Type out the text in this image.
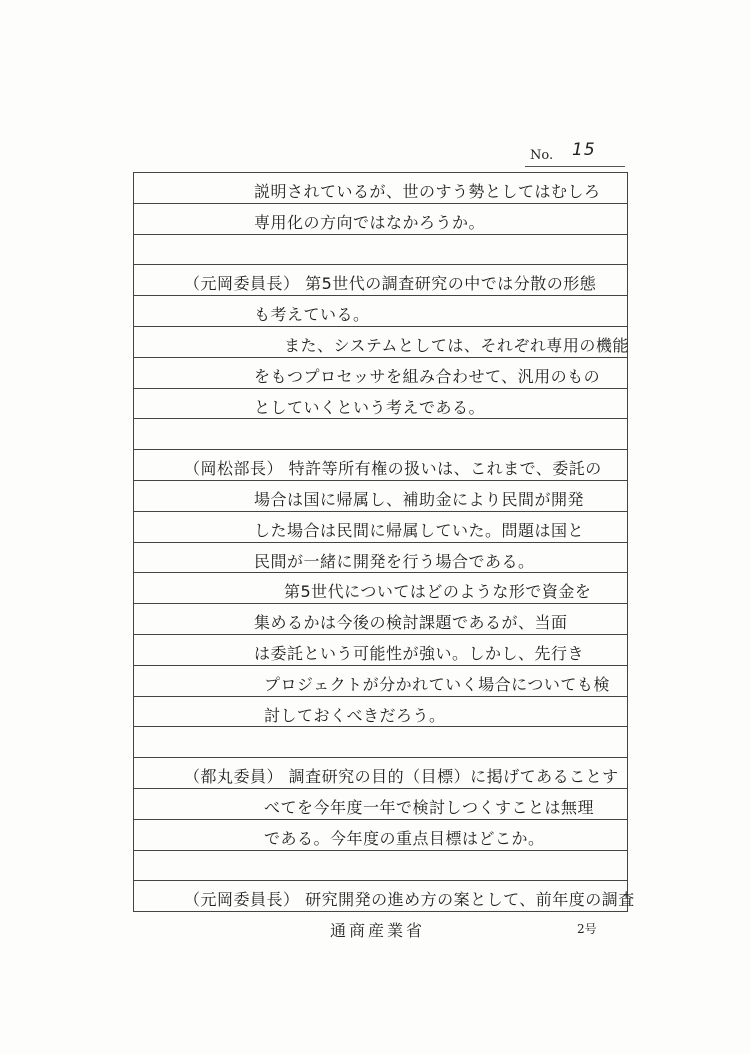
No. 15
説明されているが、世のすう勢としてはむしろ
専用化の方向ではなかろうか。
（元岡委員長） 第5世代の調査研究の中では分散の形態
も考えている。
また、システムとしては、それぞれ専用の機能
をもつプロセッサを組み合わせて、汎用のもの
としていくという考えである。
（岡松部長） 特許等所有権の扱いは、これまで、委託の
場合は国に帰属し、補助金により民間が開発
した場合は民間に帰属していた。問題は国と
民間が一緒に開発を行う場合である。
第5世代についてはどのような形で資金を
集めるかは今後の検討課題であるが、当面
は委託という可能性が強い。しかし、先行き
プロジェクトが分かれていく場合についても検
討しておくべきだろう。
（都丸委員） 調査研究の目的（目標）に掲げてあることす
べてを今年度一年で検討しつくすことは無理
である。今年度の重点目標はどこか。
（元岡委員長） 研究開発の進め方の案として、前年度の調査
通商産業省	2号
